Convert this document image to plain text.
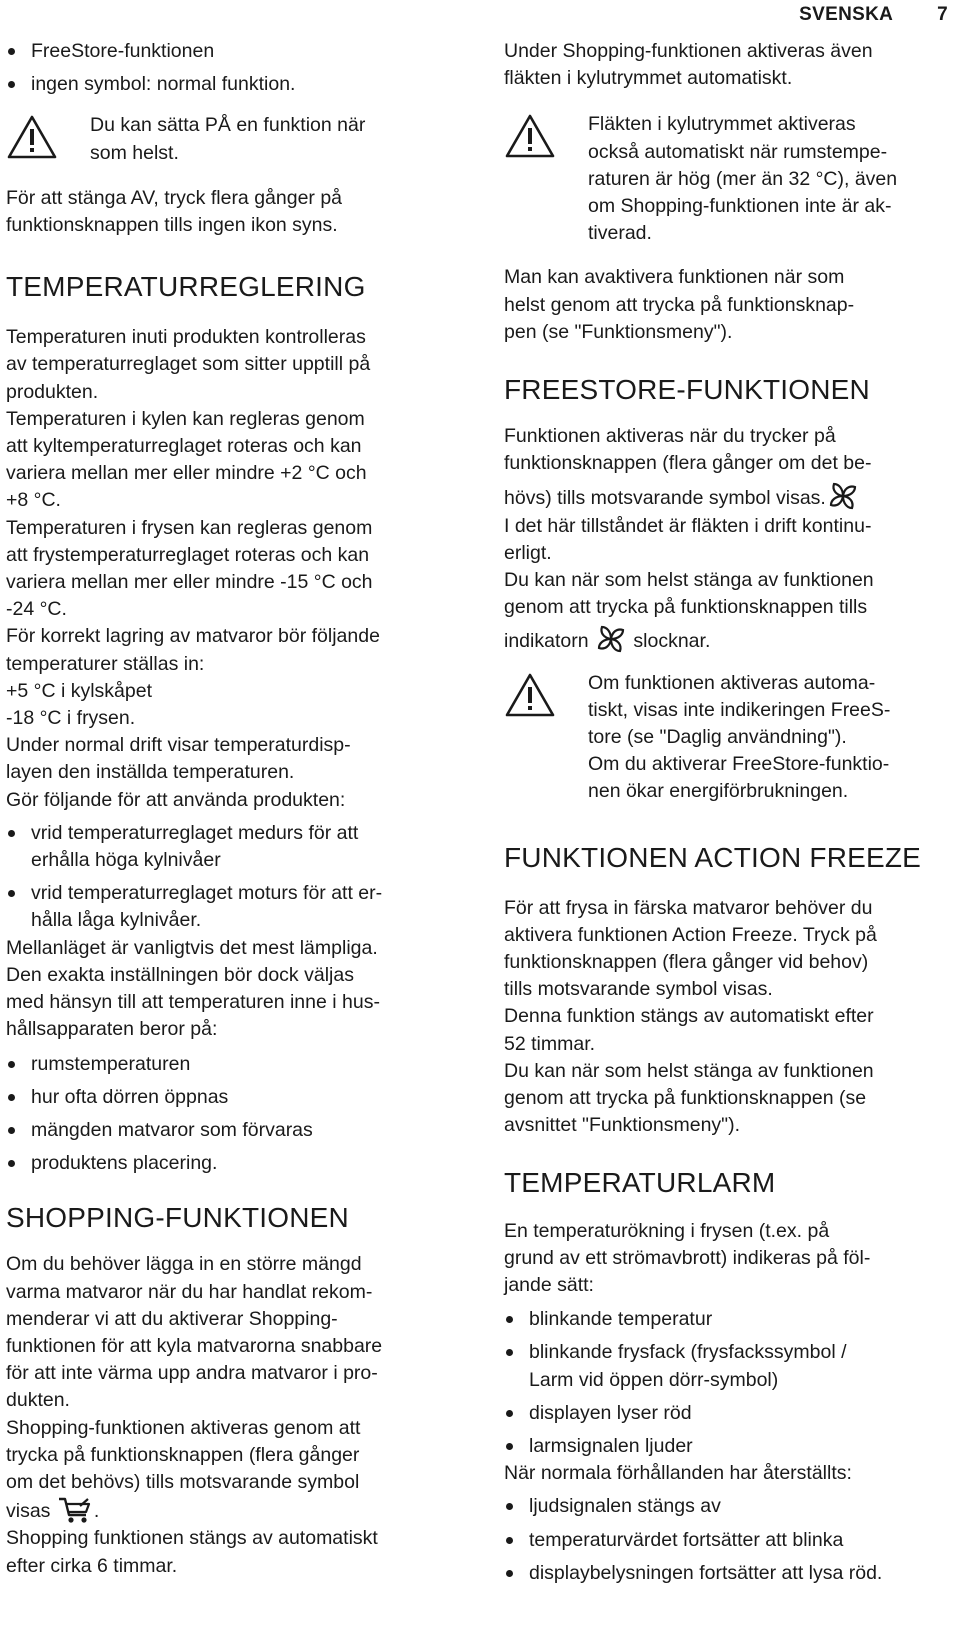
SVENSKA 7
FreeStore-funktionen
ingen symbol: normal funktion.

Du kan sätta PÅ en funktion när

som helst.

För att stänga AV, tryck flera gånger på

funktionsknappen tills ingen ikon syns.

TEMPERATURREGLERING

Temperaturen inuti produkten kontrolleras

av temperaturreglaget som sitter upptill på

produkten.

Temperaturen i kylen kan regleras genom

att kyltemperaturreglaget roteras och kan

variera mellan mer eller mindre +2 °C och

+8 °C.

Temperaturen i frysen kan regleras genom

att frystemperaturreglaget roteras och kan

variera mellan mer eller mindre -15 °C och

-24 °C.

För korrekt lagring av matvaror bör följande

temperaturer ställas in:

+5 °C i kylskåpet

-18 °C i frysen.

Under normal drift visar temperaturdisp-

layen den inställda temperaturen.

Gör följande för att använda produkten:

vrid temperaturreglaget medurs för att
erhålla höga kylnivåer
vrid temperaturreglaget moturs för att er-
hålla låga kylnivåer.

Mellanläget är vanligtvis det mest lämpliga.

Den exakta inställningen bör dock väljas

med hänsyn till att temperaturen inne i hus-

hållsapparaten beror på:

rumstemperaturen
hur ofta dörren öppnas
mängden matvaror som förvaras
produktens placering.
SHOPPING-FUNKTIONEN

Om du behöver lägga in en större mängd

varma matvaror när du har handlat rekom-

menderar vi att du aktiverar Shopping-

funktionen för att kyla matvarorna snabbare

för att inte värma upp andra matvaror i pro-

dukten.

Shopping-funktionen aktiveras genom att

trycka på funktionsknappen (flera gånger

om det behövs) tills motsvarande symbol

visas .

Shopping funktionen stängs av automatiskt

efter cirka 6 timmar.

Under Shopping-funktionen aktiveras även

fläkten i kylutrymmet automatiskt.

Fläkten i kylutrymmet aktiveras

också automatiskt när rumstempe-

raturen är hög (mer än 32 °C), även

om Shopping-funktionen inte är ak-

tiverad.

Man kan avaktivera funktionen när som

helst genom att trycka på funktionsknap-

pen (se "Funktionsmeny").

FREESTORE-FUNKTIONEN

Funktionen aktiveras när du trycker på

funktionsknappen (flera gånger om det be-

hövs) tills motsvarande symbol visas.

I det här tillståndet är fläkten i drift kontinu-

erligt.

Du kan när som helst stänga av funktionen

genom att trycka på funktionsknappen tills

indikatorn slocknar.

Om funktionen aktiveras automa-

tiskt, visas inte indikeringen FreeS-

tore (se "Daglig användning").

Om du aktiverar FreeStore-funktio-

nen ökar energiförbrukningen.

FUNKTIONEN ACTION FREEZE

För att frysa in färska matvaror behöver du

aktivera funktionen Action Freeze. Tryck på

funktionsknappen (flera gånger vid behov)

tills motsvarande symbol visas.

Denna funktion stängs av automatiskt efter

52 timmar.

Du kan när som helst stänga av funktionen

genom att trycka på funktionsknappen (se

avsnittet "Funktionsmeny").

TEMPERATURLARM

En temperaturökning i frysen (t.ex. på

grund av ett strömavbrott) indikeras på föl-

jande sätt:

blinkande temperatur
blinkande frysfack (frysfackssymbol /
Larm vid öppen dörr-symbol)
displayen lyser röd
larmsignalen ljuder

När normala förhållanden har återställts:

ljudsignalen stängs av
temperaturvärdet fortsätter att blinka
displaybelysningen fortsätter att lysa röd.
